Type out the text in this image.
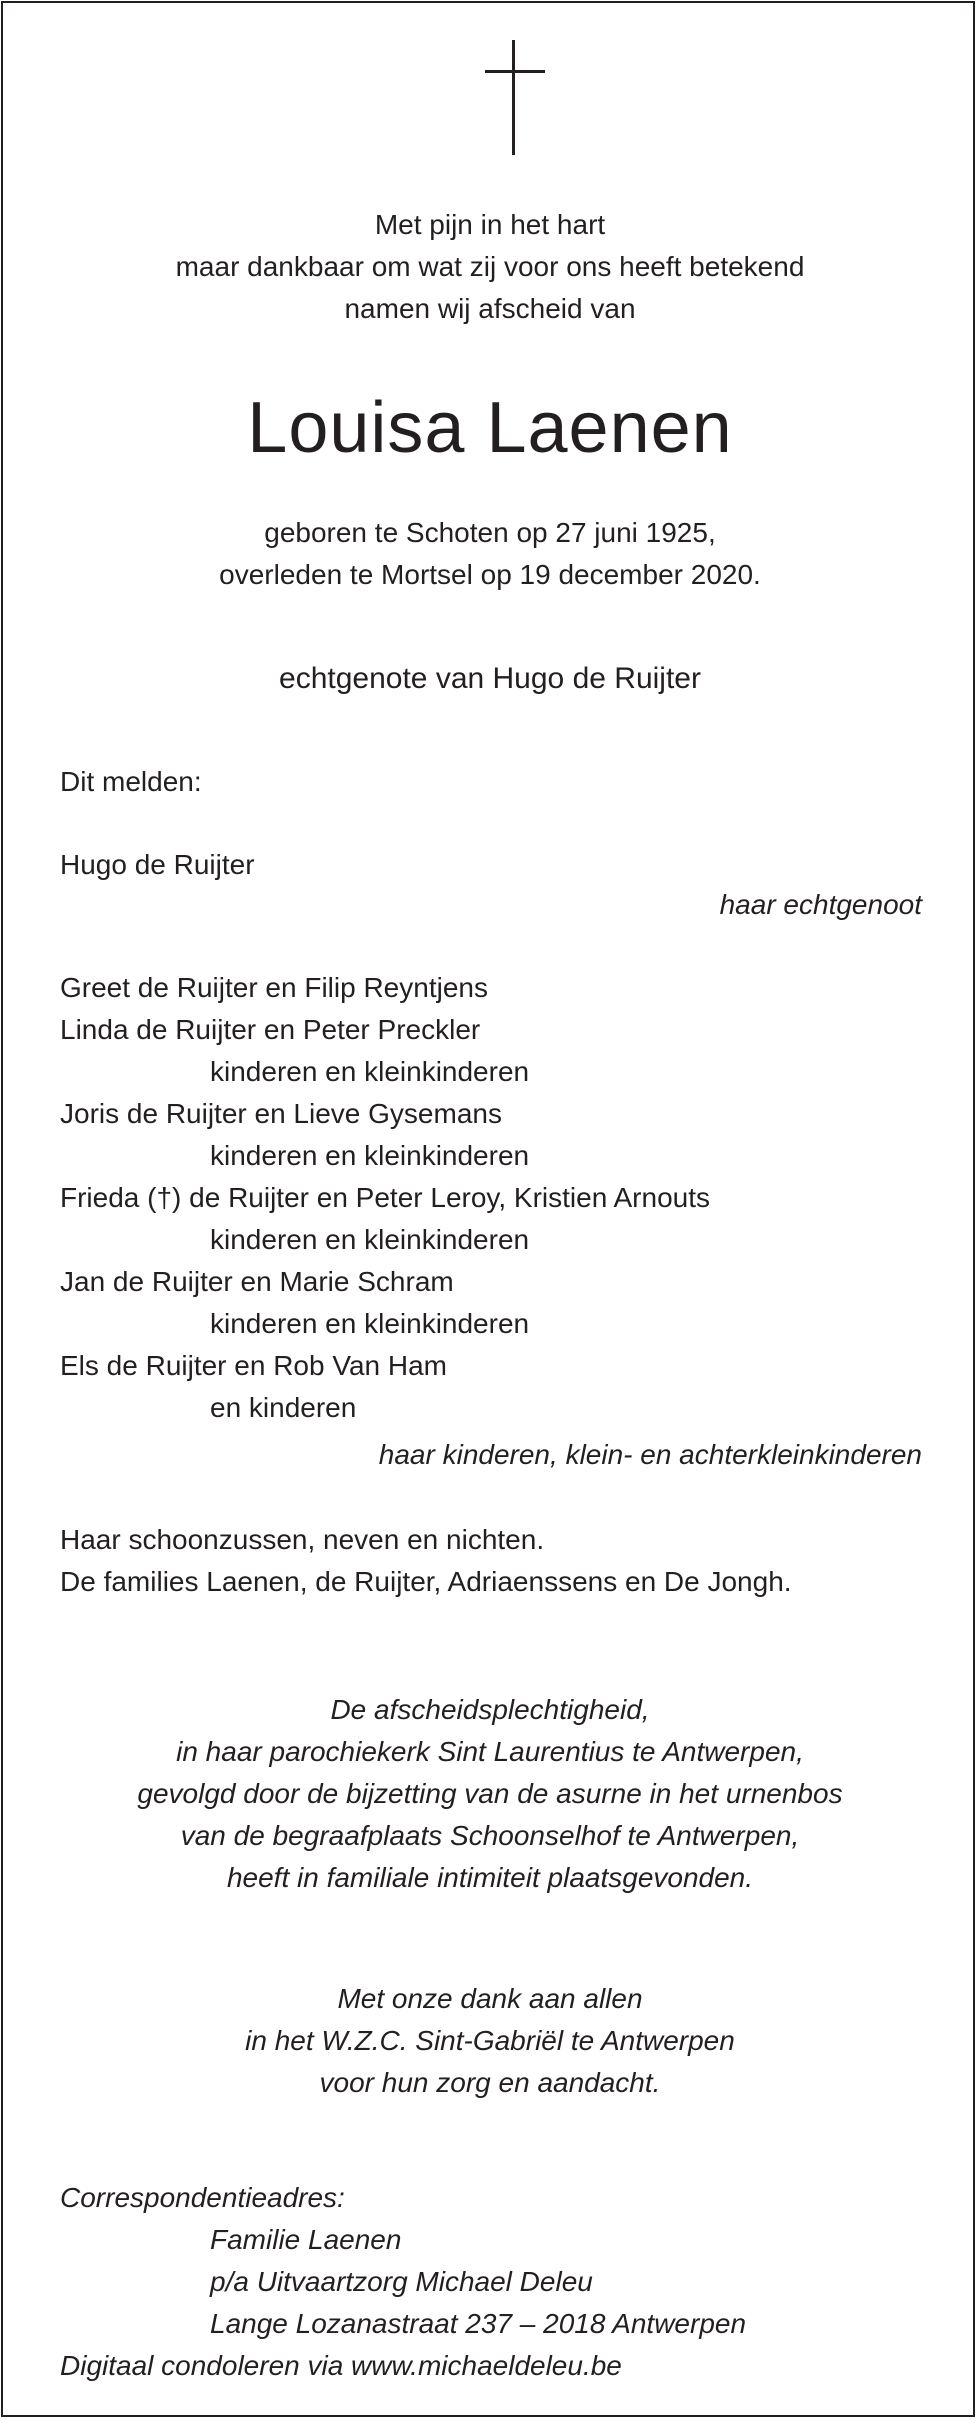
Met pijn in het hart
maar dankbaar om wat zij voor ons heeft betekend
namen wij afscheid van
Louisa Laenen
geboren te Schoten op 27 juni 1925,
overleden te Mortsel op 19 december 2020.
echtgenote van Hugo de Ruijter
Dit melden:
Hugo de Ruijter
haar echtgenoot
Greet de Ruijter en Filip Reyntjens
Linda de Ruijter en Peter Preckler
kinderen en kleinkinderen
Joris de Ruijter en Lieve Gysemans
kinderen en kleinkinderen
Frieda (†) de Ruijter en Peter Leroy, Kristien Arnouts
kinderen en kleinkinderen
Jan de Ruijter en Marie Schram
kinderen en kleinkinderen
Els de Ruijter en Rob Van Ham
en kinderen
haar kinderen, klein- en achterkleinkinderen
Haar schoonzussen, neven en nichten.
De families Laenen, de Ruijter, Adriaenssens en De Jongh.
De afscheidsplechtigheid,
in haar parochiekerk Sint Laurentius te Antwerpen,
gevolgd door de bijzetting van de asurne in het urnenbos
van de begraafplaats Schoonselhof te Antwerpen,
heeft in familiale intimiteit plaatsgevonden.
Met onze dank aan allen
in het W.Z.C. Sint-Gabriël te Antwerpen
voor hun zorg en aandacht.
Correspondentieadres:
Familie Laenen
p/a Uitvaartzorg Michael Deleu
Lange Lozanastraat 237 – 2018 Antwerpen
Digitaal condoleren via www.michaeldeleu.be
